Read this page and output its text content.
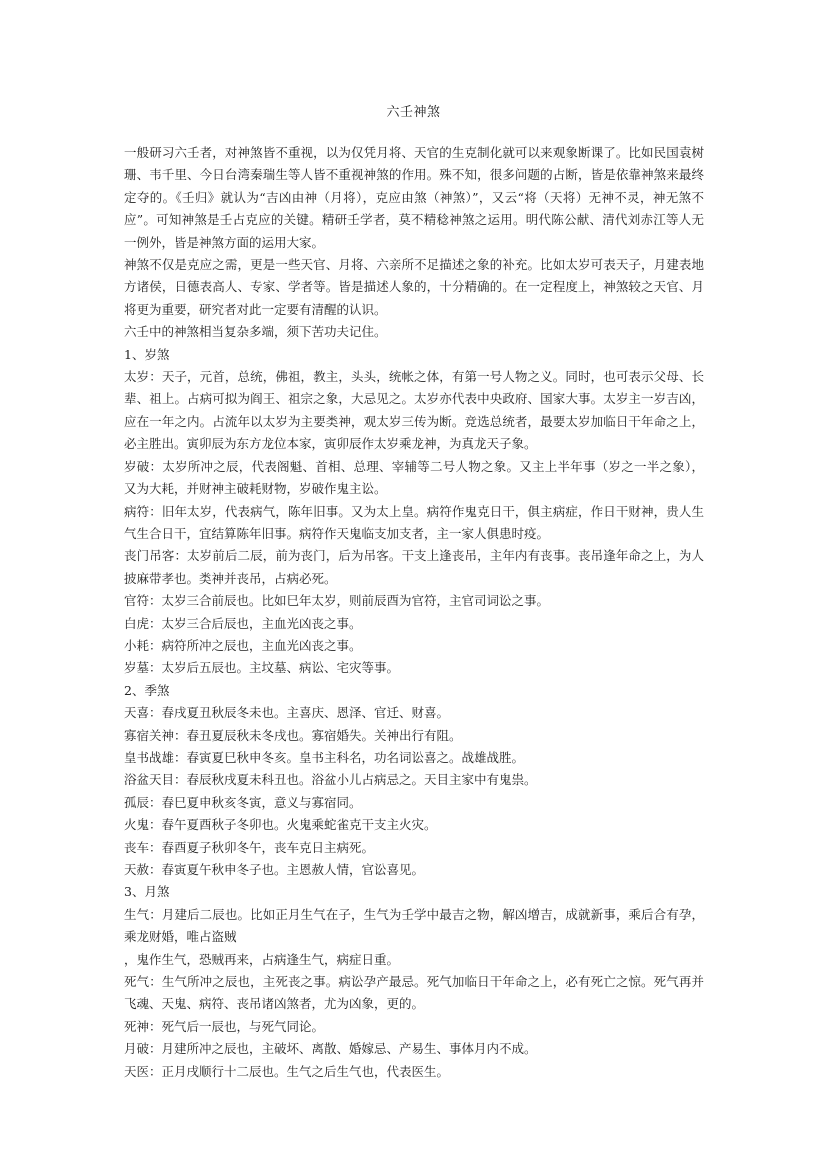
六壬神煞

一般研习六壬者，对神煞皆不重视，以为仅凭月将、天官的生克制化就可以来观象断课了。比如民国袁树珊、韦千里、今日台湾秦瑞生等人皆不重视神煞的作用。殊不知，很多问题的占断，皆是依靠神煞来最终定夺的。《壬归》就认为“吉凶由神（月将），克应由煞（神煞）”，又云“将（天将）无神不灵，神无煞不应”。可知神煞是壬占克应的关键。精研壬学者，莫不精稔神煞之运用。明代陈公献、清代刘赤江等人无一例外，皆是神煞方面的运用大家。

神煞不仅是克应之需，更是一些天官、月将、六亲所不足描述之象的补充。比如太岁可表天子，月建表地方诸侯，日德表高人、专家、学者等。皆是描述人象的，十分精确的。在一定程度上，神煞较之天官、月将更为重要，研究者对此一定要有清醒的认识。

六壬中的神煞相当复杂多端，须下苦功夫记住。

1、岁煞

太岁：天子，元首，总统，佛祖，教主，头头，统帐之体，有第一号人物之义。同时，也可表示父母、长辈、祖上。占病可拟为阎王、祖宗之象，大忌见之。太岁亦代表中央政府、国家大事。太岁主一岁吉凶，应在一年之内。占流年以太岁为主要类神，观太岁三传为断。竞选总统者，最要太岁加临日干年命之上，必主胜出。寅卯辰为东方龙位本家，寅卯辰作太岁乘龙神，为真龙天子象。

岁破：太岁所冲之辰，代表阁魁、首相、总理、宰辅等二号人物之象。又主上半年事（岁之一半之象），又为大耗，并财神主破耗财物，岁破作鬼主讼。

病符：旧年太岁，代表病气，陈年旧事。又为太上皇。病符作鬼克日干，俱主病症，作日干财神，贵人生气生合日干，宜结算陈年旧事。病符作天鬼临支加支者，主一家人俱患时疫。

丧门吊客：太岁前后二辰，前为丧门，后为吊客。干支上逢丧吊，主年内有丧事。丧吊逢年命之上，为人披麻带孝也。类神并丧吊，占病必死。

官符：太岁三合前辰也。比如巳年太岁，则前辰酉为官符，主官司词讼之事。

白虎：太岁三合后辰也，主血光凶丧之事。

小耗：病符所冲之辰也，主血光凶丧之事。

岁墓：太岁后五辰也。主坟墓、病讼、宅灾等事。

2、季煞

天喜：春戌夏丑秋辰冬未也。主喜庆、恩泽、官迁、财喜。

寡宿关神：春丑夏辰秋未冬戌也。寡宿婚失。关神出行有阻。

皇书战雄：春寅夏巳秋申冬亥。皇书主科名，功名词讼喜之。战雄战胜。

浴盆天目：春辰秋戌夏未科丑也。浴盆小儿占病忌之。天目主家中有鬼祟。

孤辰：春巳夏申秋亥冬寅，意义与寡宿同。

火鬼：春午夏酉秋子冬卯也。火鬼乘蛇雀克干支主火灾。

丧车：春酉夏子秋卯冬午，丧车克日主病死。

天赦：春寅夏午秋申冬子也。主恩赦人情，官讼喜见。

3、月煞

生气：月建后二辰也。比如正月生气在子，生气为壬学中最吉之物，解凶增吉，成就新事，乘后合有孕，乘龙财婚，唯占盗贼

，鬼作生气，恐贼再来，占病逢生气，病症日重。

死气：生气所冲之辰也，主死丧之事。病讼孕产最忌。死气加临日干年命之上，必有死亡之惊。死气再并飞魂、天鬼、病符、丧吊诸凶煞者，尤为凶象，更的。

死神：死气后一辰也，与死气同论。

月破：月建所冲之辰也，主破坏、离散、婚嫁忌、产易生、事体月内不成。

天医：正月戌顺行十二辰也。生气之后生气也，代表医生。
